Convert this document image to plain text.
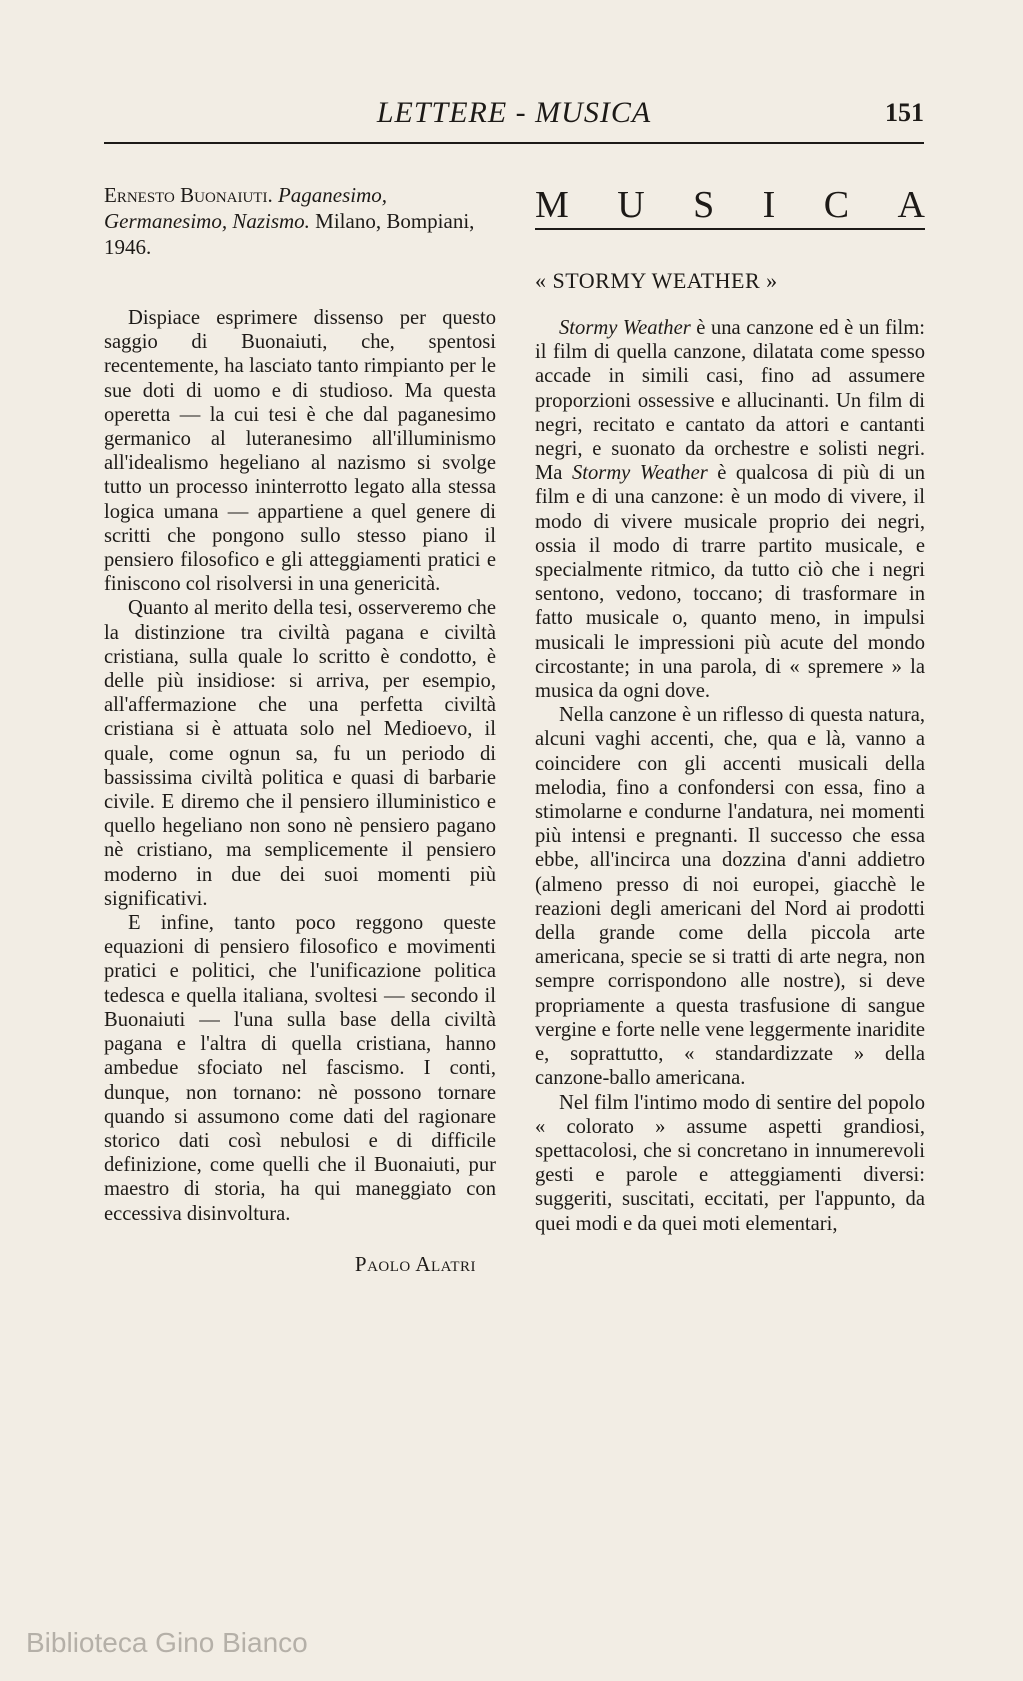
LETTERE - MUSICA	151
Ernesto Buonaiuti. Paganesimo, Germanesimo, Nazismo. Milano, Bompiani, 1946.

Dispiace esprimere dissenso per questo saggio di Buonaiuti, che, spentosi recentemente, ha lasciato tanto rimpianto per le sue doti di uomo e di studioso. Ma questa operetta — la cui tesi è che dal paganesimo germanico al luteranesimo all'illuminismo all'idealismo hegeliano al nazismo si svolge tutto un processo ininterrotto legato alla stessa logica umana — appartiene a quel genere di scritti che pongono sullo stesso piano il pensiero filosofico e gli atteggiamenti pratici e finiscono col risolversi in una genericità.

Quanto al merito della tesi, osserveremo che la distinzione tra civiltà pagana e civiltà cristiana, sulla quale lo scritto è condotto, è delle più insidiose: si arriva, per esempio, all'affermazione che una perfetta civiltà cristiana si è attuata solo nel Medioevo, il quale, come ognun sa, fu un periodo di bassissima civiltà politica e quasi di barbarie civile. E diremo che il pensiero illuministico e quello hegeliano non sono nè pensiero pagano nè cristiano, ma semplicemente il pensiero moderno in due dei suoi momenti più significativi.

E infine, tanto poco reggono queste equazioni di pensiero filosofico e movimenti pratici e politici, che l'unificazione politica tedesca e quella italiana, svoltesi — secondo il Buonaiuti — l'una sulla base della civiltà pagana e l'altra di quella cristiana, hanno ambedue sfociato nel fascismo. I conti, dunque, non tornano: nè possono tornare quando si assumono come dati del ragionare storico dati così nebulosi e di difficile definizione, come quelli che il Buonaiuti, pur maestro di storia, ha qui maneggiato con eccessiva disinvoltura.

Paolo Alatri
M U S I C A
« STORMY WEATHER »

Stormy Weather è una canzone ed è un film: il film di quella canzone, dilatata come spesso accade in simili casi, fino ad assumere proporzioni ossessive e allucinanti. Un film di negri, recitato e cantato da attori e cantanti negri, e suonato da orchestre e solisti negri. Ma Stormy Weather è qualcosa di più di un film e di una canzone: è un modo di vivere, il modo di vivere musicale proprio dei negri, ossia il modo di trarre partito musicale, e specialmente ritmico, da tutto ciò che i negri sentono, vedono, toccano; di trasformare in fatto musicale o, quanto meno, in impulsi musicali le impressioni più acute del mondo circostante; in una parola, di « spremere » la musica da ogni dove.

Nella canzone è un riflesso di questa natura, alcuni vaghi accenti, che, qua e là, vanno a coincidere con gli accenti musicali della melodia, fino a confondersi con essa, fino a stimolarne e condurne l'andatura, nei momenti più intensi e pregnanti. Il successo che essa ebbe, all'incirca una dozzina d'anni addietro (almeno presso di noi europei, giacchè le reazioni degli americani del Nord ai prodotti della grande come della piccola arte americana, specie se si tratti di arte negra, non sempre corrispondono alle nostre), si deve propriamente a questa trasfusione di sangue vergine e forte nelle vene leggermente inaridite e, soprattutto, « standardizzate » della canzone-ballo americana.

Nel film l'intimo modo di sentire del popolo « colorato » assume aspetti grandiosi, spettacolosi, che si concretano in innumerevoli gesti e parole e atteggiamenti diversi: suggeriti, suscitati, eccitati, per l'appunto, da quei modi e da quei moti elementari,

Biblioteca Gino Bianco
